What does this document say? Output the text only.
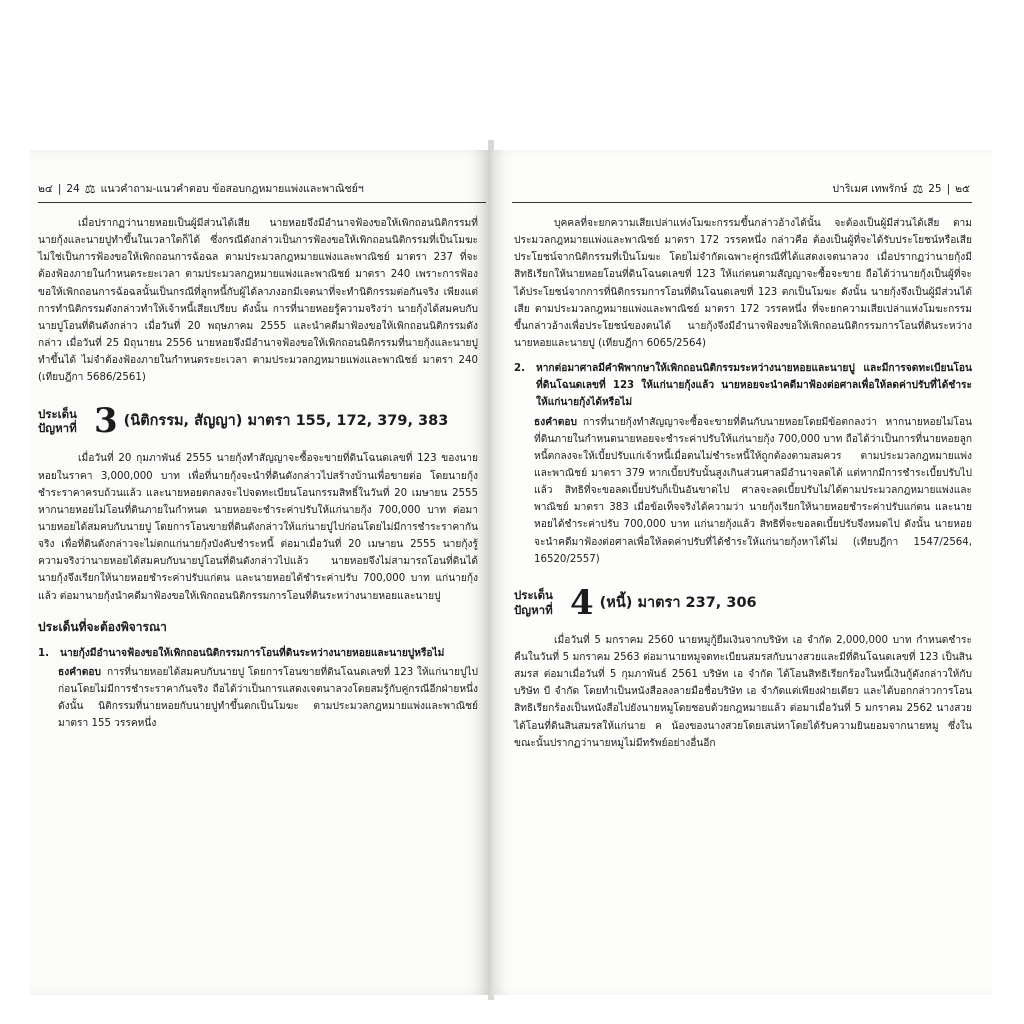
๒๔ | 24 ⚖ แนวคำถาม-แนวคำตอบ ข้อสอบกฎหมายแพ่งและพาณิชย์ฯ

เมื่อปรากฏว่านายหอยเป็นผู้มีส่วนได้เสีย นายหอยจึงมีอำนาจฟ้องขอให้เพิกถอนนิติกรรมที่นายกุ้งและนายปูทำขึ้นในเวลาใดก็ได้ ซึ่งกรณีดังกล่าวเป็นการฟ้องขอให้เพิกถอนนิติกรรมที่เป็นโมฆะ ไม่ใช่เป็นการฟ้องขอให้เพิกถอนการฉ้อฉล ตามประมวลกฎหมายแพ่งและพาณิชย์ มาตรา 237 ที่จะต้องฟ้องภายในกำหนดระยะเวลา ตามประมวลกฎหมายแพ่งและพาณิชย์ มาตรา 240 เพราะการฟ้องขอให้เพิกถอนการฉ้อฉลนั้นเป็นกรณีที่ลูกหนี้กับผู้ได้ลาภงอกมีเจตนาที่จะทำนิติกรรมต่อกันจริง เพียงแต่การทำนิติกรรมดังกล่าวทำให้เจ้าหนี้เสียเปรียบ ดังนั้น การที่นายหอยรู้ความจริงว่า นายกุ้งได้สมคบกับนายปูโอนที่ดินดังกล่าว เมื่อวันที่ 20 พฤษภาคม 2555 และนำคดีมาฟ้องขอให้เพิกถอนนิติกรรมดังกล่าว เมื่อวันที่ 25 มิถุนายน 2556 นายหอยจึงมีอำนาจฟ้องขอให้เพิกถอนนิติกรรมที่นายกุ้งและนายปูทำขึ้นได้ ไม่จำต้องฟ้องภายในกำหนดระยะเวลา ตามประมวลกฎหมายแพ่งและพาณิชย์ มาตรา 240 (เทียบฎีกา 5686/2561)

ประเด็น
ปัญหาที่ 3 (นิติกรรม, สัญญา) มาตรา 155, 172, 379, 383

เมื่อวันที่ 20 กุมภาพันธ์ 2555 นายกุ้งทำสัญญาจะซื้อจะขายที่ดินโฉนดเลขที่ 123 ของนายหอยในราคา 3,000,000 บาท เพื่อที่นายกุ้งจะนำที่ดินดังกล่าวไปสร้างบ้านเพื่อขายต่อ โดยนายกุ้งชำระราคาครบถ้วนแล้ว และนายหอยตกลงจะไปจดทะเบียนโอนกรรมสิทธิ์ในวันที่ 20 เมษายน 2555 หากนายหอยไม่โอนที่ดินภายในกำหนด นายหอยจะชำระค่าปรับให้แก่นายกุ้ง 700,000 บาท ต่อมานายหอยได้สมคบกับนายปู โดยการโอนขายที่ดินดังกล่าวให้แก่นายปูไปก่อนโดยไม่มีการชำระราคากันจริง เพื่อที่ดินดังกล่าวจะไม่ตกแก่นายกุ้งบังคับชำระหนี้ ต่อมาเมื่อวันที่ 20 เมษายน 2555 นายกุ้งรู้ความจริงว่านายหอยได้สมคบกับนายปูโอนที่ดินดังกล่าวไปแล้ว นายหอยจึงไม่สามารถโอนที่ดินได้ นายกุ้งจึงเรียกให้นายหอยชำระค่าปรับแก่ตน และนายหอยได้ชำระค่าปรับ 700,000 บาท แก่นายกุ้งแล้ว ต่อมานายกุ้งนำคดีมาฟ้องขอให้เพิกถอนนิติกรรมการโอนที่ดินระหว่างนายหอยและนายปู

ประเด็นที่จะต้องพิจารณา
1. นายกุ้งมีอำนาจฟ้องขอให้เพิกถอนนิติกรรมการโอนที่ดินระหว่างนายหอยและนายปูหรือไม่

ธงคำตอบ การที่นายหอยได้สมคบกับนายปู โดยการโอนขายที่ดินโฉนดเลขที่ 123 ให้แก่นายปูไปก่อนโดยไม่มีการชำระราคากันจริง ถือได้ว่าเป็นการแสดงเจตนาลวงโดยสมรู้กับคู่กรณีอีกฝ่ายหนึ่ง ดังนั้น นิติกรรมที่นายหอยกับนายปูทำขึ้นตกเป็นโมฆะ ตามประมวลกฎหมายแพ่งและพาณิชย์ มาตรา 155 วรรคหนึ่ง

ปาริเมศ เทพรักษ์ ⚖ 25 | ๒๕

บุคคลที่จะยกความเสียเปล่าแห่งโมฆะกรรมขึ้นกล่าวอ้างได้นั้น จะต้องเป็นผู้มีส่วนได้เสีย ตามประมวลกฎหมายแพ่งและพาณิชย์ มาตรา 172 วรรคหนึ่ง กล่าวคือ ต้องเป็นผู้ที่จะได้รับประโยชน์หรือเสียประโยชน์จากนิติกรรมที่เป็นโมฆะ โดยไม่จำกัดเฉพาะคู่กรณีที่ได้แสดงเจตนาลวง เมื่อปรากฏว่านายกุ้งมีสิทธิเรียกให้นายหอยโอนที่ดินโฉนดเลขที่ 123 ให้แก่ตนตามสัญญาจะซื้อจะขาย ถือได้ว่านายกุ้งเป็นผู้ที่จะได้ประโยชน์จากการที่นิติกรรมการโอนที่ดินโฉนดเลขที่ 123 ตกเป็นโมฆะ ดังนั้น นายกุ้งจึงเป็นผู้มีส่วนได้เสีย ตามประมวลกฎหมายแพ่งและพาณิชย์ มาตรา 172 วรรคหนึ่ง ที่จะยกความเสียเปล่าแห่งโมฆะกรรมขึ้นกล่าวอ้างเพื่อประโยชน์ของตนได้ นายกุ้งจึงมีอำนาจฟ้องขอให้เพิกถอนนิติกรรมการโอนที่ดินระหว่างนายหอยและนายปู (เทียบฎีกา 6065/2564)

2. หากต่อมาศาลมีคำพิพากษาให้เพิกถอนนิติกรรมระหว่างนายหอยและนายปู และมีการจดทะเบียนโอนที่ดินโฉนดเลขที่ 123 ให้แก่นายกุ้งแล้ว นายหอยจะนำคดีมาฟ้องต่อศาลเพื่อให้ลดค่าปรับที่ได้ชำระให้แก่นายกุ้งได้หรือไม่

ธงคำตอบ การที่นายกุ้งทำสัญญาจะซื้อจะขายที่ดินกับนายหอยโดยมีข้อตกลงว่า หากนายหอยไม่โอนที่ดินภายในกำหนดนายหอยจะชำระค่าปรับให้แก่นายกุ้ง 700,000 บาท ถือได้ว่าเป็นการที่นายหอยลูกหนี้ตกลงจะให้เบี้ยปรับแก่เจ้าหนี้เมื่อตนไม่ชำระหนี้ให้ถูกต้องตามสมควร ตามประมวลกฎหมายแพ่งและพาณิชย์ มาตรา 379 หากเบี้ยปรับนั้นสูงเกินส่วนศาลมีอำนาจลดได้ แต่หากมีการชำระเบี้ยปรับไปแล้ว สิทธิที่จะขอลดเบี้ยปรับก็เป็นอันขาดไป ศาลจะลดเบี้ยปรับไม่ได้ตามประมวลกฎหมายแพ่งและพาณิชย์ มาตรา 383 เมื่อข้อเท็จจริงได้ความว่า นายกุ้งเรียกให้นายหอยชำระค่าปรับแก่ตน และนายหอยได้ชำระค่าปรับ 700,000 บาท แก่นายกุ้งแล้ว สิทธิที่จะขอลดเบี้ยปรับจึงหมดไป ดังนั้น นายหอยจะนำคดีมาฟ้องต่อศาลเพื่อให้ลดค่าปรับที่ได้ชำระให้แก่นายกุ้งหาได้ไม่ (เทียบฎีกา 1547/2564, 16520/2557)

ประเด็น
ปัญหาที่ 4 (หนี้) มาตรา 237, 306

เมื่อวันที่ 5 มกราคม 2560 นายหมูกู้ยืมเงินจากบริษัท เอ จำกัด 2,000,000 บาท กำหนดชำระคืนในวันที่ 5 มกราคม 2563 ต่อมานายหมูจดทะเบียนสมรสกับนางสวยและมีที่ดินโฉนดเลขที่ 123 เป็นสินสมรส ต่อมาเมื่อวันที่ 5 กุมภาพันธ์ 2561 บริษัท เอ จำกัด ได้โอนสิทธิเรียกร้องในหนี้เงินกู้ดังกล่าวให้กับบริษัท บี จำกัด โดยทำเป็นหนังสือลงลายมือชื่อบริษัท เอ จำกัดแต่เพียงฝ่ายเดียว และได้บอกกล่าวการโอนสิทธิเรียกร้องเป็นหนังสือไปยังนายหมูโดยชอบด้วยกฎหมายแล้ว ต่อมาเมื่อวันที่ 5 มกราคม 2562 นางสวยได้โอนที่ดินสินสมรสให้แก่นาย ค น้องของนางสวยโดยเสน่หาโดยได้รับความยินยอมจากนายหมู ซึ่งในขณะนั้นปรากฏว่านายหมูไม่มีทรัพย์อย่างอื่นอีก
